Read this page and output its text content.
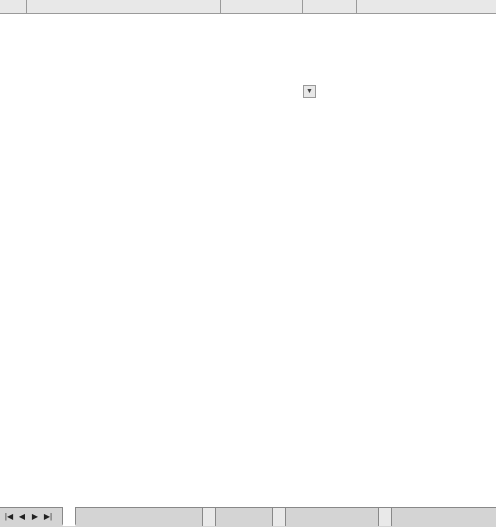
▼
|◀ ◀ ▶ ▶|
